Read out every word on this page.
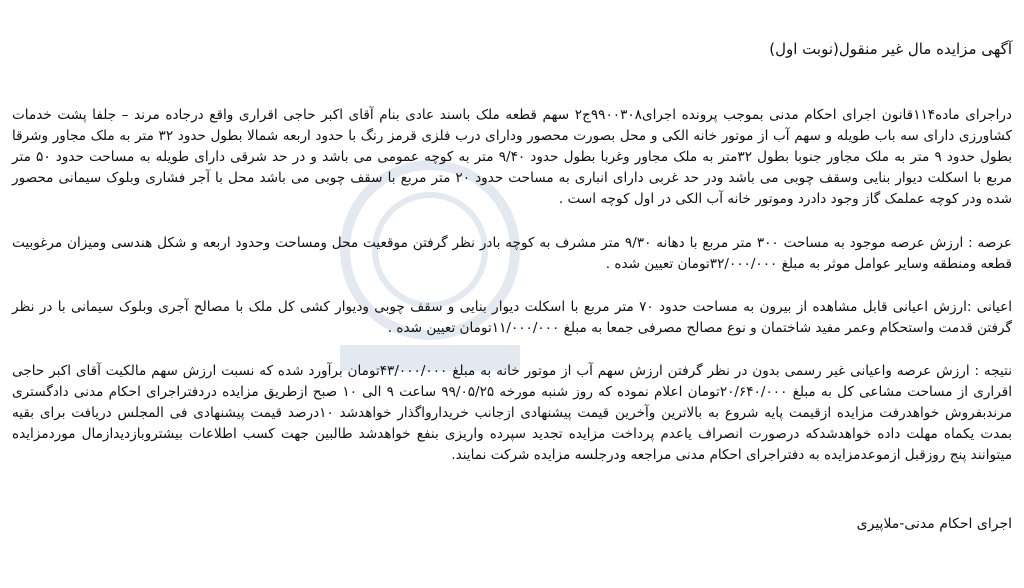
آگهی مزایده مال غیر منقول(نوبت اول)

دراجرای ماده۱۱۴قانون اجرای احکام مدنی بموجب پرونده اجرای۹۹۰۰۳۰۸ج۲ سهم قطعه ملک باسند عادی بنام آقای اکبر حاجی اقراری واقع درجاده مرند – جلفا پشت خدمات کشاورزی دارای سه باب طویله و سهم آب از موتور خانه الکی و محل بصورت محصور ودارای درب فلزی قرمز رنگ با حدود اربعه شمالا بطول حدود ۳۲ متر به ملک مجاور وشرقا بطول حدود ۹ متر به ملک مجاور جنوبا بطول ۳۲متر به ملک مجاور وغربا بطول حدود ۹/۴۰ متر به کوچه عمومی می باشد و در حد شرقی دارای طویله به مساحت حدود ۵۰ متر مربع با اسکلت دیوار بنایی وسقف چوبی می باشد ودر حد غربی دارای انباری به مساحت حدود ۲۰ متر مربع با سقف چوبی می باشد محل با آجر فشاری وبلوک سیمانی محصور شده ودر کوچه عملمک گاز وجود دادرد وموتور خانه آب الکی در اول کوچه است .

عرصه : ارزش عرصه موجود به مساحت ۳۰۰ متر مربع با دهانه ۹/۳۰ متر مشرف به کوچه بادر نظر گرفتن موقعیت محل ومساحت وحدود اربعه و شکل هندسی ومیزان مرغوبیت قطعه ومنطقه وسایر عوامل موثر به مبلغ ۳۲/۰۰۰/۰۰۰تومان تعیین شده .

اعیانی :ارزش اعیانی قابل مشاهده از بیرون به مساحت حدود ۷۰ متر مربع با اسکلت دیوار بنایی و سقف چوبی ودیوار کشی کل ملک با مصالح آجری وبلوک سیمانی با در نظر گرفتن قدمت واستحکام وعمر مفید شاختمان و نوع مصالح مصرفی جمعا به مبلغ ۱۱/۰۰۰/۰۰۰تومان تعیین شده .

نتیجه : ارزش عرصه واعیانی غیر رسمی بدون در نظر گرفتن ارزش سهم آب از موتور خانه به مبلغ ۴۳/۰۰۰/۰۰۰تومان برآورد شده که نسبت ارزش سهم مالکیت آقای اکبر حاجی اقراری از مساحت مشاعی کل به مبلغ ۲۰/۶۴۰/۰۰۰تومان اعلام نموده که روز شنبه مورخه ۹۹/۰۵/۲۵ ساعت ۹ الی ۱۰ صبح ازطریق مزایده دردفتراجرای احکام مدنی دادگستری مرندبفروش خواهدرفت مزایده ازقیمت پایه شروع به بالاترین وآخرین قیمت پیشنهادی ازجانب خریدارواگذار خواهدشد ۱۰درصد قیمت پیشنهادی فی المجلس دریافت برای بقیه بمدت یکماه مهلت داده خواهدشدکه درصورت انصراف یاعدم پرداخت مزایده تجدید سپرده واریزی بنفع خواهدشد طالبین جهت کسب اطلاعات بیشتروبازدیدازمال موردمزایده میتوانند پنج روزقبل ازموعدمزایده به دفتراجرای احکام مدنی مراجعه ودرجلسه مزایده شرکت نمایند.

اجرای احکام مدنی-ملاپیری
